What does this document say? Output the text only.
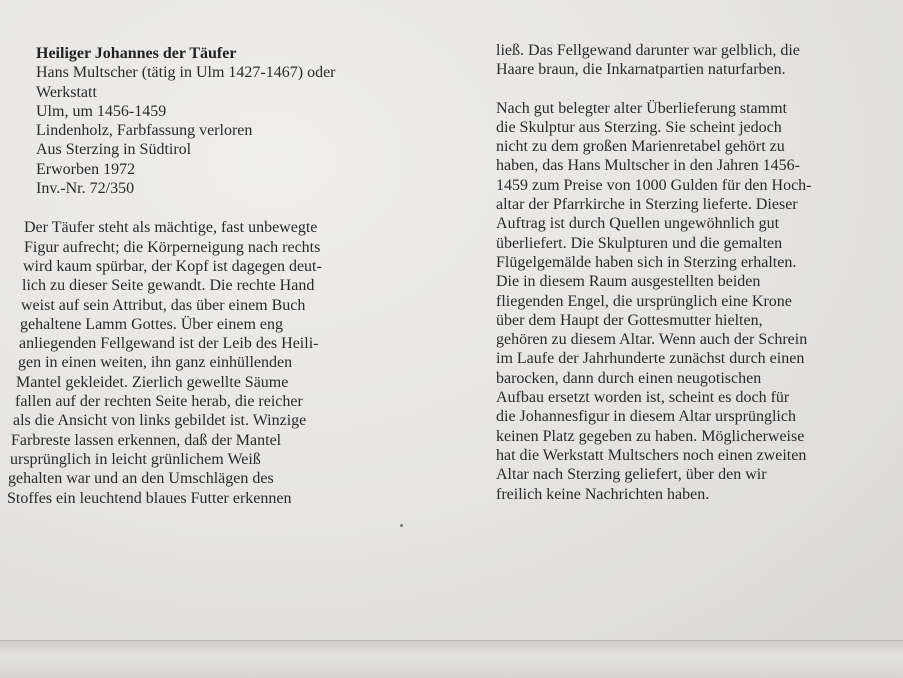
Heiliger Johannes der Täufer
Hans Multscher (tätig in Ulm 1427-1467) oder
Werkstatt
Ulm, um 1456-1459
Lindenholz, Farbfassung verloren
Aus Sterzing in Südtirol
Erworben 1972
Inv.-Nr. 72/350
Der Täufer steht als mächtige, fast unbewegte
Figur aufrecht; die Körperneigung nach rechts
wird kaum spürbar, der Kopf ist dagegen deut-
lich zu dieser Seite gewandt. Die rechte Hand
weist auf sein Attribut, das über einem Buch
gehaltene Lamm Gottes. Über einem eng
anliegenden Fellgewand ist der Leib des Heili-
gen in einen weiten, ihn ganz einhüllenden
Mantel gekleidet. Zierlich gewellte Säume
fallen auf der rechten Seite herab, die reicher
als die Ansicht von links gebildet ist. Winzige
Farbreste lassen erkennen, daß der Mantel
ursprünglich in leicht grünlichem Weiß
gehalten war und an den Umschlägen des
Stoffes ein leuchtend blaues Futter erkennen
ließ. Das Fellgewand darunter war gelblich, die
Haare braun, die Inkarnatpartien naturfarben.
Nach gut belegter alter Überlieferung stammt
die Skulptur aus Sterzing. Sie scheint jedoch
nicht zu dem großen Marienretabel gehört zu
haben, das Hans Multscher in den Jahren 1456-
1459 zum Preise von 1000 Gulden für den Hoch-
altar der Pfarrkirche in Sterzing lieferte. Dieser
Auftrag ist durch Quellen ungewöhnlich gut
überliefert. Die Skulpturen und die gemalten
Flügelgemälde haben sich in Sterzing erhalten.
Die in diesem Raum ausgestellten beiden
fliegenden Engel, die ursprünglich eine Krone
über dem Haupt der Gottesmutter hielten,
gehören zu diesem Altar. Wenn auch der Schrein
im Laufe der Jahrhunderte zunächst durch einen
barocken, dann durch einen neugotischen
Aufbau ersetzt worden ist, scheint es doch für
die Johannesfigur in diesem Altar ursprünglich
keinen Platz gegeben zu haben. Möglicherweise
hat die Werkstatt Multschers noch einen zweiten
Altar nach Sterzing geliefert, über den wir
freilich keine Nachrichten haben.
